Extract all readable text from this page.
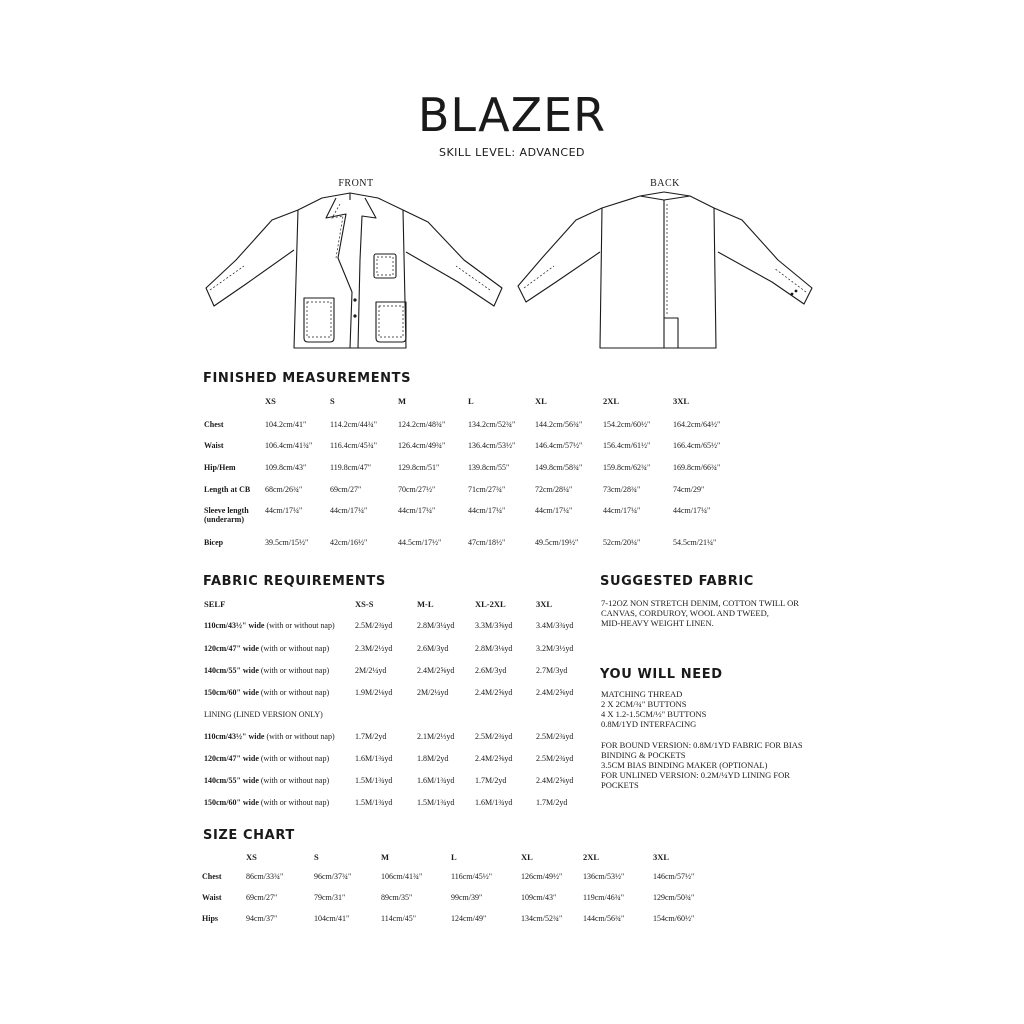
BLAZER
SKILL LEVEL: ADVANCED
FRONT	BACK
FINISHED MEASUREMENTS
	XS	S	M	L	XL	2XL	3XL
Chest	104.2cm/41"	114.2cm/44¾"	124.2cm/48¾"	134.2cm/52¾"	144.2cm/56¾"	154.2cm/60½"	164.2cm/64½"
Waist	106.4cm/41¾"	116.4cm/45¾"	126.4cm/49¾"	136.4cm/53½"	146.4cm/57½"	156.4cm/61½"	166.4cm/65½"
Hip/Hem	109.8cm/43"	119.8cm/47"	129.8cm/51"	139.8cm/55"	149.8cm/58¾"	159.8cm/62¾"	169.8cm/66¾"
Length at CB	68cm/26¾"	69cm/27"	70cm/27½"	71cm/27¾"	72cm/28¼"	73cm/28¾"	74cm/29"
Sleeve length
(underarm)	44cm/17¼"	44cm/17¼"	44cm/17¼"	44cm/17¼"	44cm/17¼"	44cm/17¼"	44cm/17¼"
Bicep	39.5cm/15½"	42cm/16½"	44.5cm/17½"	47cm/18½"	49.5cm/19½"	52cm/20¼"	54.5cm/21¼"
FABRIC REQUIREMENTS
SELF	XS-S	M-L	XL-2XL	3XL
110cm/43½" wide (with or without nap)	2.5M/2¾yd	2.8M/3¼yd	3.3M/3⅝yd	3.4M/3¾yd
120cm/47" wide (with or without nap)	2.3M/2½yd	2.6M/3yd	2.8M/3⅛yd	3.2M/3½yd
140cm/55" wide (with or without nap)	2M/2¼yd	2.4M/2⅝yd	2.6M/3yd	2.7M/3yd
150cm/60" wide (with or without nap)	1.9M/2⅛yd	2M/2¼yd	2.4M/2⅝yd	2.4M/2⅝yd
LINING (LINED VERSION ONLY)				
110cm/43½" wide (with or without nap)	1.7M/2yd	2.1M/2⅓yd	2.5M/2¾yd	2.5M/2¾yd
120cm/47" wide (with or without nap)	1.6M/1¾yd	1.8M/2yd	2.4M/2⅝yd	2.5M/2¾yd
140cm/55" wide (with or without nap)	1.5M/1¾yd	1.6M/1¾yd	1.7M/2yd	2.4M/2⅝yd
150cm/60" wide (with or without nap)	1.5M/1¾yd	1.5M/1¾yd	1.6M/1¾yd	1.7M/2yd
SUGGESTED FABRIC
7-12OZ NON STRETCH DENIM, COTTON TWILL OR
CANVAS, CORDUROY, WOOL AND TWEED,
MID-HEAVY WEIGHT LINEN.
YOU WILL NEED
MATCHING THREAD
2 X 2CM/¾" BUTTONS
4 X 1.2-1.5CM/½" BUTTONS
0.8M/1YD INTERFACING
FOR BOUND VERSION: 0.8M/1YD FABRIC FOR BIAS
BINDING & POCKETS
3.5CM BIAS BINDING MAKER (OPTIONAL)
FOR UNLINED VERSION: 0.2M/¼YD LINING FOR
POCKETS
SIZE CHART
	XS	S	M	L	XL	2XL	3XL
Chest	86cm/33¾"	96cm/37¾"	106cm/41¾"	116cm/45½"	126cm/49½"	136cm/53½"	146cm/57½"
Waist	69cm/27"	79cm/31"	89cm/35"	99cm/39"	109cm/43"	119cm/46¾"	129cm/50¾"
Hips	94cm/37"	104cm/41"	114cm/45"	124cm/49"	134cm/52¾"	144cm/56¾"	154cm/60½"
